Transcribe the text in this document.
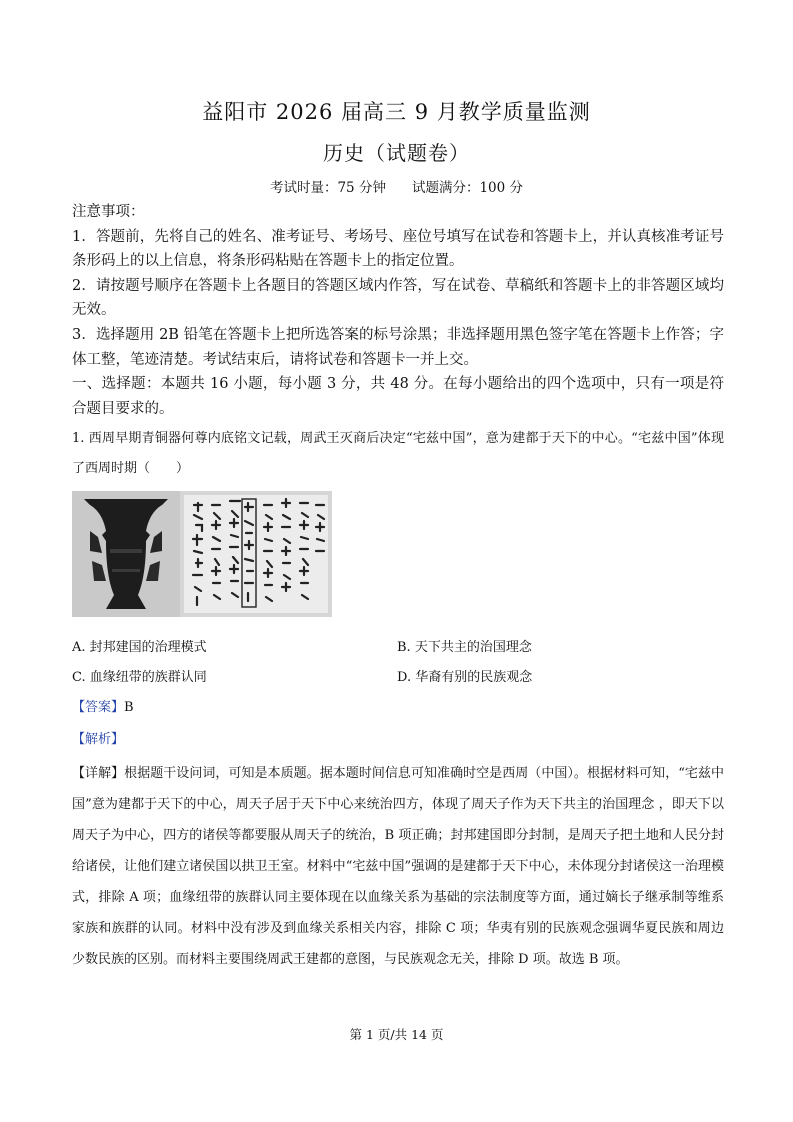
益阳市 2026 届高三 9 月教学质量监测
历史（试题卷）
考试时量：75 分钟 试题满分：100 分
注意事项：
1．答题前，先将自己的姓名、准考证号、考场号、座位号填写在试卷和答题卡上，并认真核准考证号条形码上的以上信息，将条形码粘贴在答题卡上的指定位置。
2．请按题号顺序在答题卡上各题目的答题区域内作答，写在试卷、草稿纸和答题卡上的非答题区域均无效。
3．选择题用 2B 铅笔在答题卡上把所选答案的标号涂黑；非选择题用黑色签字笔在答题卡上作答；字体工整，笔迹清楚。考试结束后，请将试卷和答题卡一并上交。
一、选择题：本题共 16 小题，每小题 3 分，共 48 分。在每小题给出的四个选项中，只有一项是符合题目要求的。
1. 西周早期青铜器何尊内底铭文记载，周武王灭商后决定“宅兹中国”，意为建都于天下的中心。“宅兹中国”体现了西周时期（　　）
A. 封邦建国的治理模式	B. 天下共主的治国理念
C. 血缘纽带的族群认同	D. 华裔有别的民族观念
【答案】B
【解析】
【详解】根据题干设问词，可知是本质题。据本题时间信息可知准确时空是西周（中国）。根据材料可知，“宅兹中国”意为建都于天下的中心，周天子居于天下中心来统治四方，体现了周天子作为天下共主的治国理念 ，即天下以周天子为中心，四方的诸侯等都要服从周天子的统治，B 项正确；封邦建国即分封制，是周天子把土地和人民分封给诸侯，让他们建立诸侯国以拱卫王室。材料中“宅兹中国”强调的是建都于天下中心，未体现分封诸侯这一治理模式，排除 A 项；血缘纽带的族群认同主要体现在以血缘关系为基础的宗法制度等方面，通过嫡长子继承制等维系家族和族群的认同。材料中没有涉及到血缘关系相关内容，排除 C 项；华夷有别的民族观念强调华夏民族和周边少数民族的区别。而材料主要围绕周武王建都的意图，与民族观念无关，排除 D 项。故选 B 项。
第 1 页/共 14 页
